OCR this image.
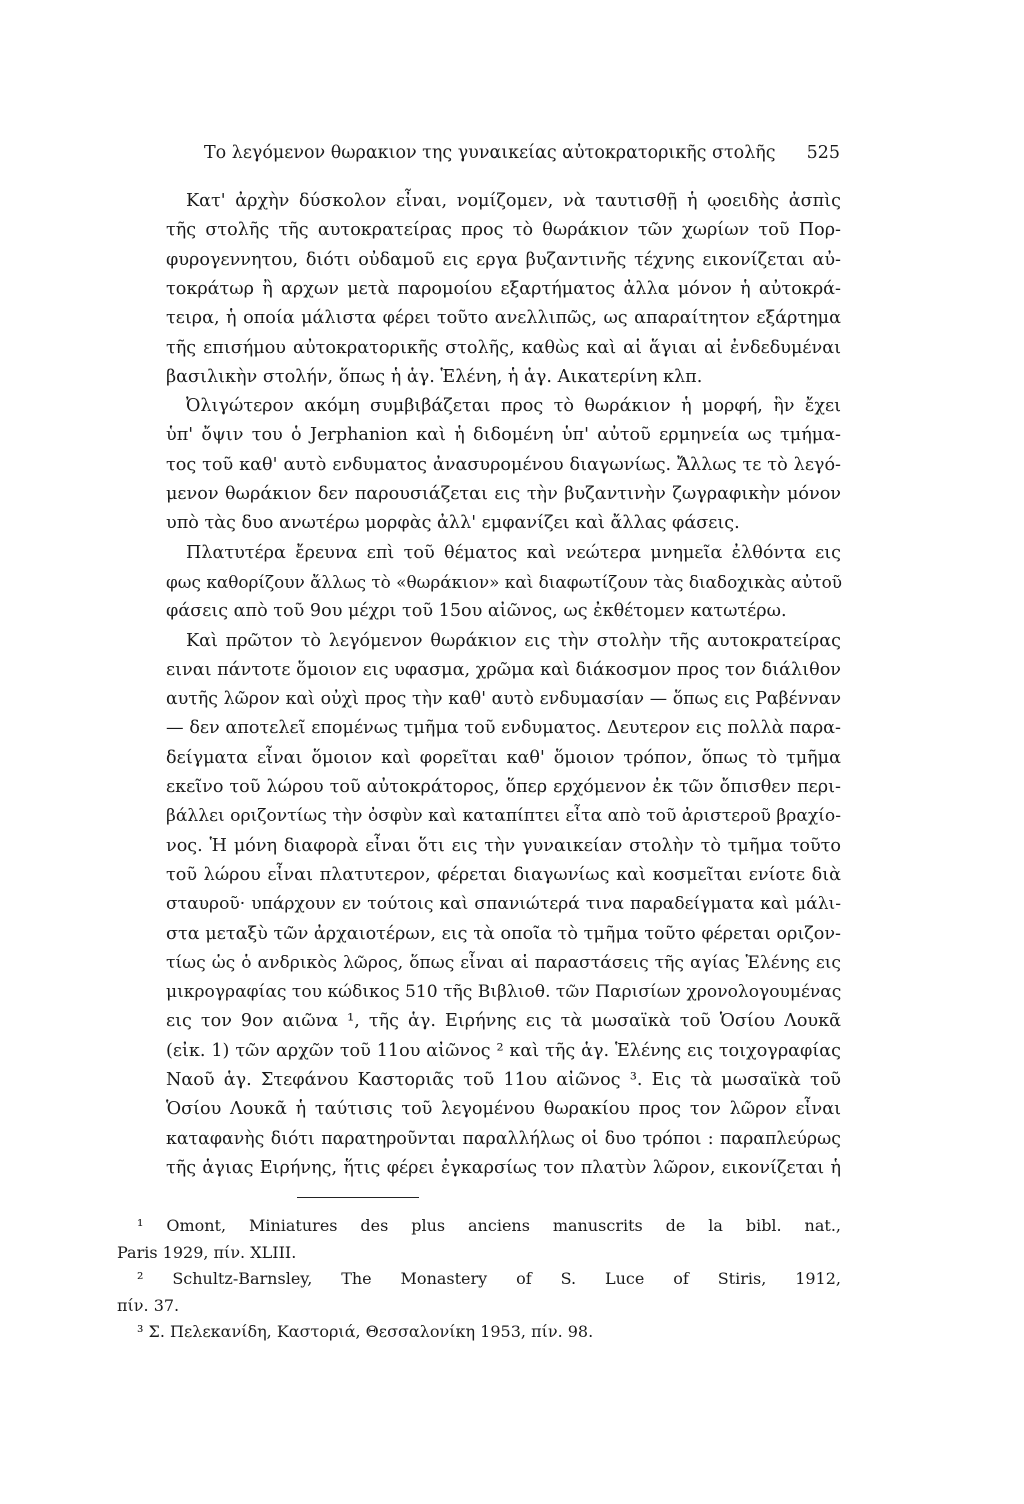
Το λεγόμενον θωρακιον της γυναικείας αὐτοκρατορικῆς στολῆς 525
Κατ' ἀρχὴν δύσκολον εἶναι, νομίζομεν, νὰ ταυτισθῇ ἡ ῳοειδὴς ἀσπὶς
τῆς στολῆς τῆς αυτοκρατείρας προς τὸ θωράκιον τῶν χωρίων τοῦ Πορ-
φυρογεννητου, διότι οὐδαμοῦ εις εργα βυζαντινῆς τέχνης εικονίζεται αὐ-
τοκράτωρ ἢ αρχων μετὰ παρομοίου εξαρτήματος ἀλλα μόνον ἡ αὐτοκρά-
τειρα, ἡ οποία μάλιστα φέρει τοῦτο ανελλιπῶς, ως απαραίτητον εξάρτημα
τῆς επισήμου αὐτοκρατορικῆς στολῆς, καθὼς καὶ αἱ ἅγιαι αἱ ἐνδεδυμέναι
βασιλικὴν στολήν, ὅπως ἡ ἁγ. Ἑλένη, ἡ ἁγ. Αικατερίνη κλπ.
Ὀλιγώτερον ακόμη συμβιβάζεται προς τὸ θωράκιον ἡ μορφή, ἣν ἔχει
ὑπ' ὄψιν του ὁ Jerphanion καὶ ἡ διδομένη ὑπ' αὐτοῦ ερμηνεία ως τμήμα-
τος τοῦ καθ' αυτὸ ενδυματος ἀνασυρομένου διαγωνίως. Ἄλλως τε τὸ λεγό-
μενον θωράκιον δεν παρουσιάζεται εις τὴν βυζαντινὴν ζωγραφικὴν μόνον
υπὸ τὰς δυο ανωτέρω μορφὰς ἀλλ' εμφανίζει καὶ ἄλλας φάσεις.
Πλατυτέρα ἔρευνα επὶ τοῦ θέματος καὶ νεώτερα μνημεῖα ἐλθόντα εις
φως καθορίζουν ἄλλως τὸ «θωράκιον» καὶ διαφωτίζουν τὰς διαδοχικὰς αὐτοῦ
φάσεις απὸ τοῦ 9ου μέχρι τοῦ 15ου αἰῶνος, ως ἐκθέτομεν κατωτέρω.
Καὶ πρῶτον τὸ λεγόμενον θωράκιον εις τὴν στολὴν τῆς αυτοκρατείρας
ειναι πάντοτε ὅμοιον εις υφασμα, χρῶμα καὶ διάκοσμον προς τον διάλιθον
αυτῆς λῶρον καὶ οὐχὶ προς τὴν καθ' αυτὸ ενδυμασίαν — ὅπως εις Ραβένναν
— δεν αποτελεῖ επομένως τμῆμα τοῦ ενδυματος. Δευτερον εις πολλὰ παρα-
δείγματα εἶναι ὅμοιον καὶ φορεῖται καθ' ὅμοιον τρόπον, ὅπως τὸ τμῆμα
εκεῖνο τοῦ λώρου τοῦ αὐτοκράτορος, ὅπερ ερχόμενον ἐκ τῶν ὄπισθεν περι-
βάλλει οριζοντίως τὴν ὀσφὺν καὶ καταπίπτει εἶτα απὸ τοῦ ἀριστεροῦ βραχίο-
νος. Ἡ μόνη διαφορὰ εἶναι ὅτι εις τὴν γυναικείαν στολὴν τὸ τμῆμα τοῦτο
τοῦ λώρου εἶναι πλατυτερον, φέρεται διαγωνίως καὶ κοσμεῖται ενίοτε διὰ
σταυροῦ· υπάρχουν εν τούτοις καὶ σπανιώτερά τινα παραδείγματα καὶ μάλι-
στα μεταξὺ τῶν ἀρχαιοτέρων, εις τὰ οποῖα τὸ τμῆμα τοῦτο φέρεται οριζον-
τίως ὡς ὁ ανδρικὸς λῶρος, ὅπως εἶναι αἱ παραστάσεις τῆς αγίας Ἑλένης εις
μικρογραφίας του κώδικος 510 τῆς Βιβλιοθ. τῶν Παρισίων χρονολογουμένας
εις τον 9ον αιῶνα ¹, τῆς ἁγ. Ειρήνης εις τὰ μωσαϊκὰ τοῦ Ὁσίου Λουκᾶ
(εἰκ. 1) τῶν αρχῶν τοῦ 11ου αἰῶνος ² καὶ τῆς ἁγ. Ἑλένης εις τοιχογραφίας
Ναοῦ ἁγ. Στεφάνου Καστοριᾶς τοῦ 11ου αἰῶνος ³. Εις τὰ μωσαϊκὰ τοῦ
Ὁσίου Λουκᾶ ἡ ταύτισις τοῦ λεγομένου θωρακίου προς τον λῶρον εἶναι
καταφανὴς διότι παρατηροῦνται παραλλήλως οἱ δυο τρόποι : παραπλεύρως
τῆς ἁγιας Ειρήνης, ἥτις φέρει ἐγκαρσίως τον πλατὺν λῶρον, εικονίζεται ἡ
¹ Omont, Miniatures des plus anciens manuscrits de la bibl. nat.,
Paris 1929, πίν. XLIII.
² Schultz-Barnsley, The Monastery of S. Luce of Stiris, 1912,
πίν. 37.
³ Σ. Πελεκανίδη, Καστοριά, Θεσσαλονίκη 1953, πίν. 98.
